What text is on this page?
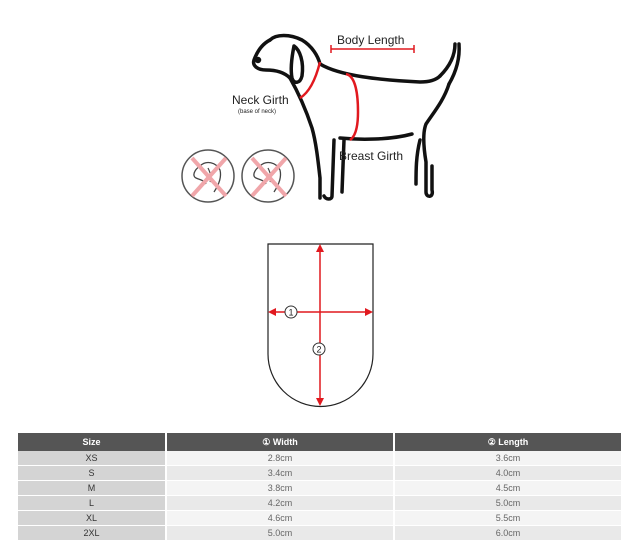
Body Length
Neck Girth
(base of neck)
Breast Girth
1
2
Size	① Width	② Length
XS	2.8cm	3.6cm
S	3.4cm	4.0cm
M	3.8cm	4.5cm
L	4.2cm	5.0cm
XL	4.6cm	5.5cm
2XL	5.0cm	6.0cm
